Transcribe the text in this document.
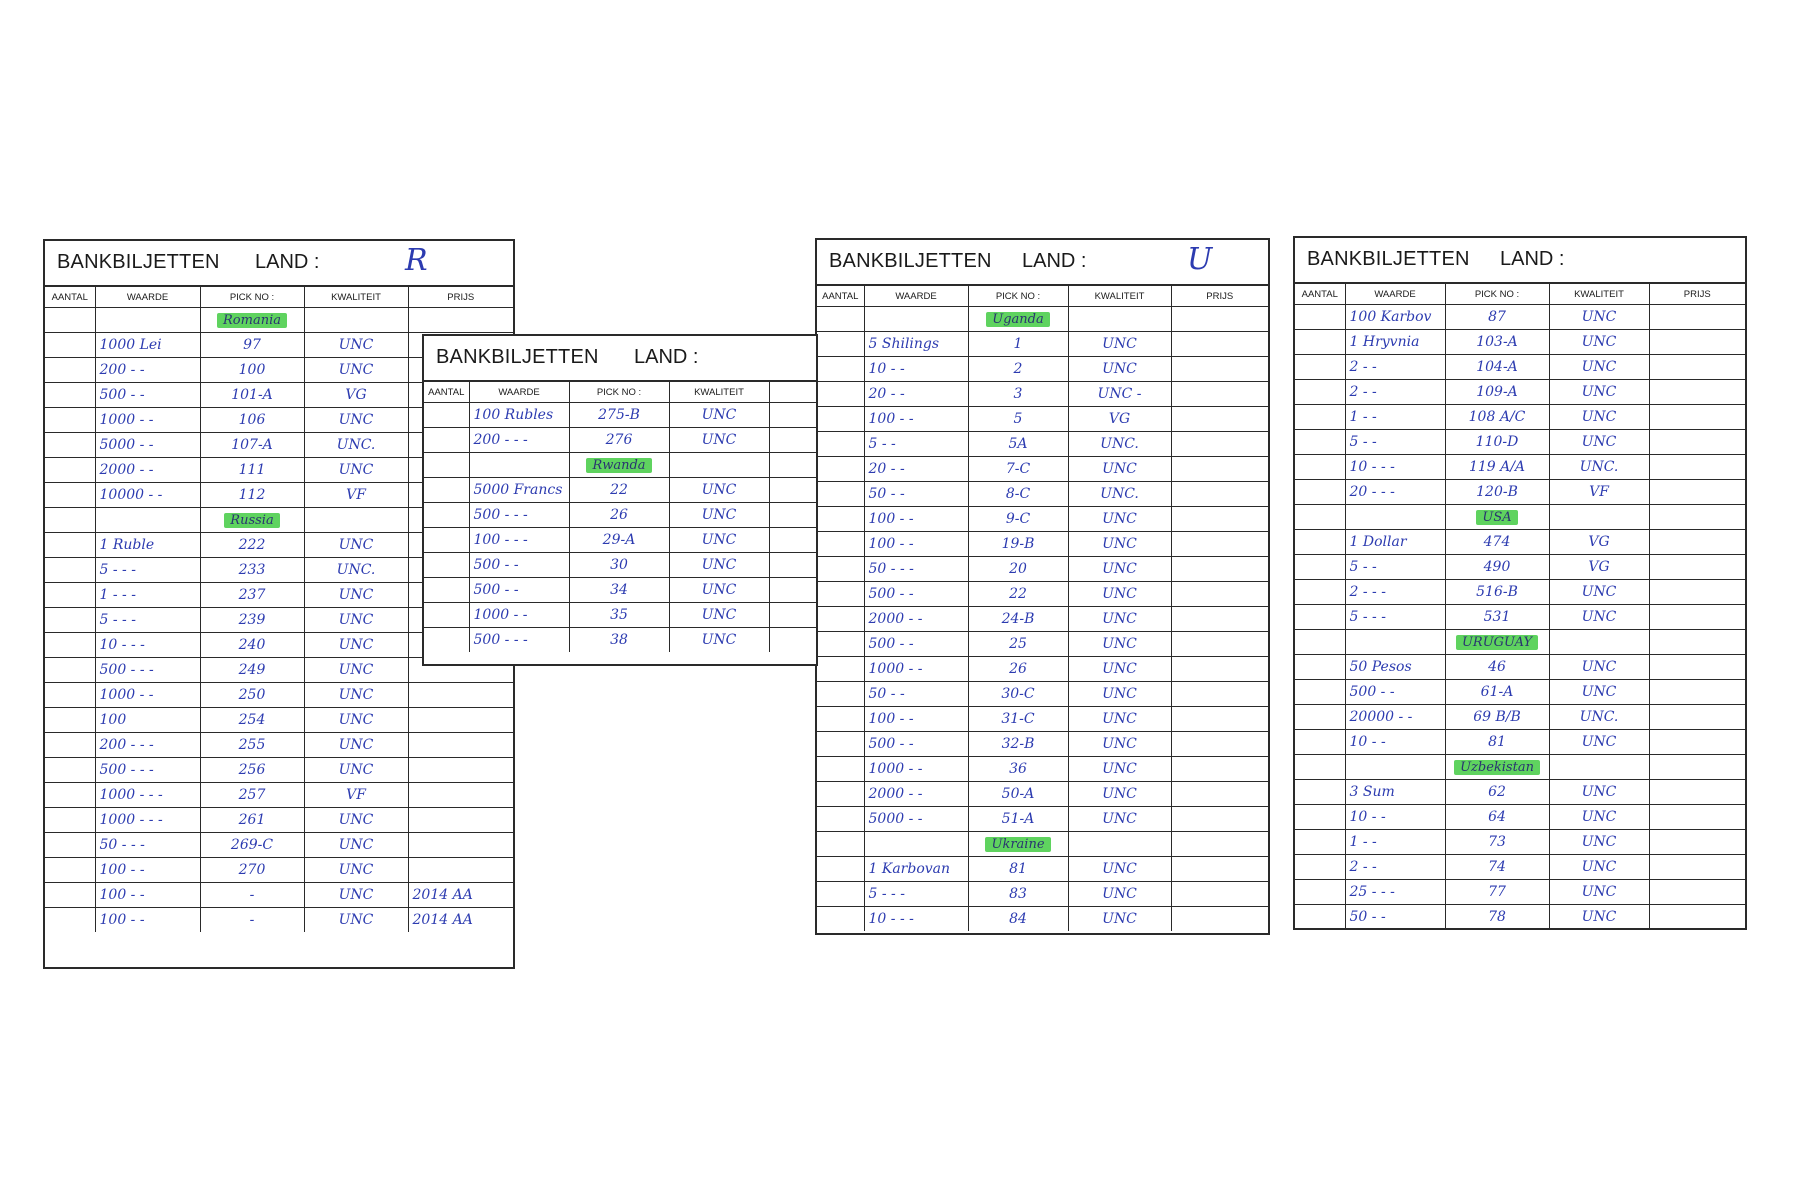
BANKBILJETTEN LAND :	R
AANTAL	WAARDE	PICK NO :	KWALITEIT	PRIJS
		Romania		
	1000 Lei	97	UNC	
	200 - -	100	UNC	
	500 - -	101-A	VG	
	1000 - -	106	UNC	
	5000 - -	107-A	UNC.	
	2000 - -	111	UNC	
	10000 - -	112	VF	
		Russia		
	1 Ruble	222	UNC	
	5 - - -	233	UNC.	
	1 - - -	237	UNC	
	5 - - -	239	UNC	
	10 - - -	240	UNC	
	500 - - -	249	UNC	
	1000 - -	250	UNC	
	100	254	UNC	
	200 - - -	255	UNC	
	500 - - -	256	UNC	
	1000 - - -	257	VF	
	1000 - - -	261	UNC	
	50 - - -	269-C	UNC	
	100 - -	270	UNC	
	100 - -	-	UNC	2014 AA
	100 - -	-	UNC	2014 AA
BANKBILJETTEN LAND :
AANTAL	WAARDE	PICK NO :	KWALITEIT	
	100 Rubles	275-B	UNC	
	200 - - -	276	UNC	
		Rwanda		
	5000 Francs	22	UNC	
	500 - - -	26	UNC	
	100 - - -	29-A	UNC	
	500 - -	30	UNC	
	500 - -	34	UNC	
	1000 - -	35	UNC	
	500 - - -	38	UNC	
BANKBILJETTEN LAND :	U
AANTAL	WAARDE	PICK NO :	KWALITEIT	PRIJS
		Uganda		
	5 Shilings	1	UNC	
	10 - -	2	UNC	
	20 - -	3	UNC -	
	100 - -	5	VG	
	5 - -	5A	UNC.	
	20 - -	7-C	UNC	
	50 - -	8-C	UNC.	
	100 - -	9-C	UNC	
	100 - -	19-B	UNC	
	50 - - -	20	UNC	
	500 - -	22	UNC	
	2000 - -	24-B	UNC	
	500 - -	25	UNC	
	1000 - -	26	UNC	
	50 - -	30-C	UNC	
	100 - -	31-C	UNC	
	500 - -	32-B	UNC	
	1000 - -	36	UNC	
	2000 - -	50-A	UNC	
	5000 - -	51-A	UNC	
		Ukraine		
	1 Karbovan	81	UNC	
	5 - - -	83	UNC	
	10 - - -	84	UNC	
BANKBILJETTEN LAND :
AANTAL	WAARDE	PICK NO :	KWALITEIT	PRIJS
	100 Karbov	87	UNC	
	1 Hryvnia	103-A	UNC	
	2 - -	104-A	UNC	
	2 - -	109-A	UNC	
	1 - -	108 A/C	UNC	
	5 - -	110-D	UNC	
	10 - - -	119 A/A	UNC.	
	20 - - -	120-B	VF	
		USA		
	1 Dollar	474	VG	
	5 - -	490	VG	
	2 - - -	516-B	UNC	
	5 - - -	531	UNC	
		URUGUAY		
	50 Pesos	46	UNC	
	500 - -	61-A	UNC	
	20000 - -	69 B/B	UNC.	
	10 - -	81	UNC	
		Uzbekistan		
	3 Sum	62	UNC	
	10 - -	64	UNC	
	1 - -	73	UNC	
	2 - -	74	UNC	
	25 - - -	77	UNC	
	50 - -	78	UNC	
